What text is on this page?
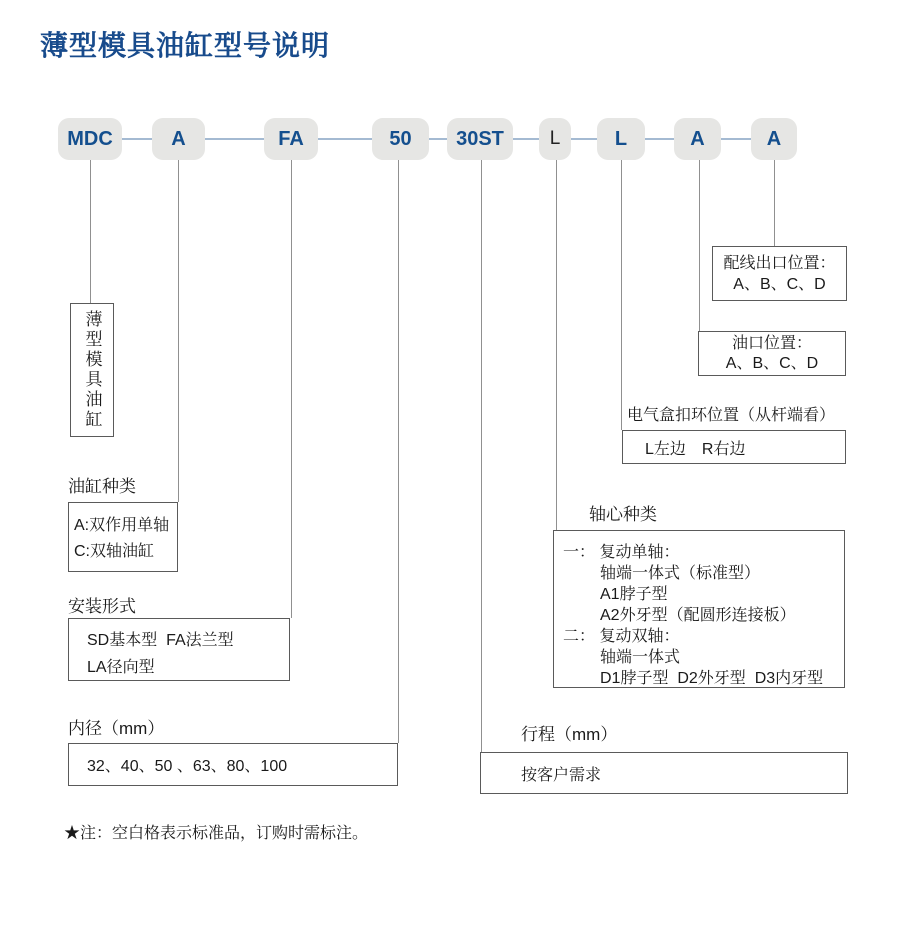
薄型模具油缸型号说明
MDC	A	FA	50	30ST	L	L	A	A
薄型模具油缸
油缸种类
A:双作用单轴
C:双轴油缸
安装形式
SD基本型  FA法兰型
LA径向型
内径（mm）
32、40、50 、63、80、100
行程（mm）
按客户需求
轴心种类
一： 复动单轴：
轴端一体式（标准型）
A1脖子型
A2外牙型（配圆形连接板）
二： 复动双轴：
轴端一体式
D1脖子型  D2外牙型  D3内牙型
电气盒扣环位置（从杆端看）
L左边　R右边
油口位置：
A、B、C、D
配线出口位置：
A、B、C、D
★注：空白格表示标准品，订购时需标注。
